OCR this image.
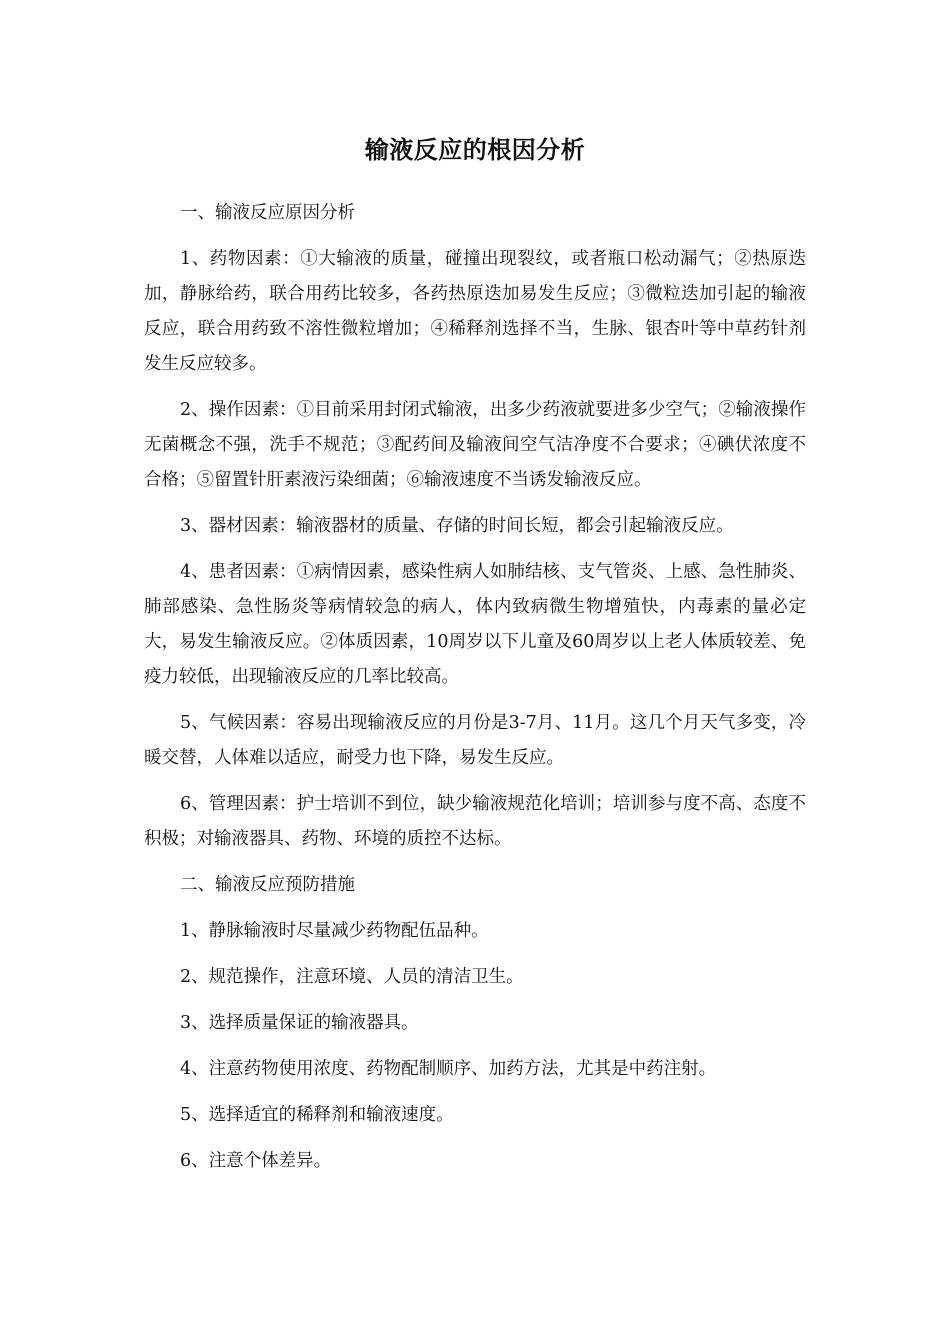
输液反应的根因分析

一、输液反应原因分析

1、药物因素：①大输液的质量，碰撞出现裂纹，或者瓶口松动漏气；②热原迭加，静脉给药，联合用药比较多，各药热原迭加易发生反应；③微粒迭加引起的输液反应，联合用药致不溶性微粒增加；④稀释剂选择不当，生脉、银杏叶等中草药针剂发生反应较多。

2、操作因素：①目前采用封闭式输液，出多少药液就要进多少空气；②输液操作无菌概念不强，洗手不规范；③配药间及输液间空气洁净度不合要求；④碘伏浓度不合格；⑤留置针肝素液污染细菌；⑥输液速度不当诱发输液反应。

3、器材因素：输液器材的质量、存储的时间长短，都会引起输液反应。

4、患者因素：①病情因素，感染性病人如肺结核、支气管炎、上感、急性肺炎、肺部感染、急性肠炎等病情较急的病人，体内致病微生物增殖快，内毒素的量必定大，易发生输液反应。②体质因素，10周岁以下儿童及60周岁以上老人体质较差、免疫力较低，出现输液反应的几率比较高。

5、气候因素：容易出现输液反应的月份是3-7月、11月。这几个月天气多变，冷暖交替，人体难以适应，耐受力也下降，易发生反应。

6、管理因素：护士培训不到位，缺少输液规范化培训；培训参与度不高、态度不积极；对输液器具、药物、环境的质控不达标。

二、输液反应预防措施

1、静脉输液时尽量减少药物配伍品种。

2、规范操作，注意环境、人员的清洁卫生。

3、选择质量保证的输液器具。

4、注意药物使用浓度、药物配制顺序、加药方法，尤其是中药注射。

5、选择适宜的稀释剂和输液速度。

6、注意个体差异。
